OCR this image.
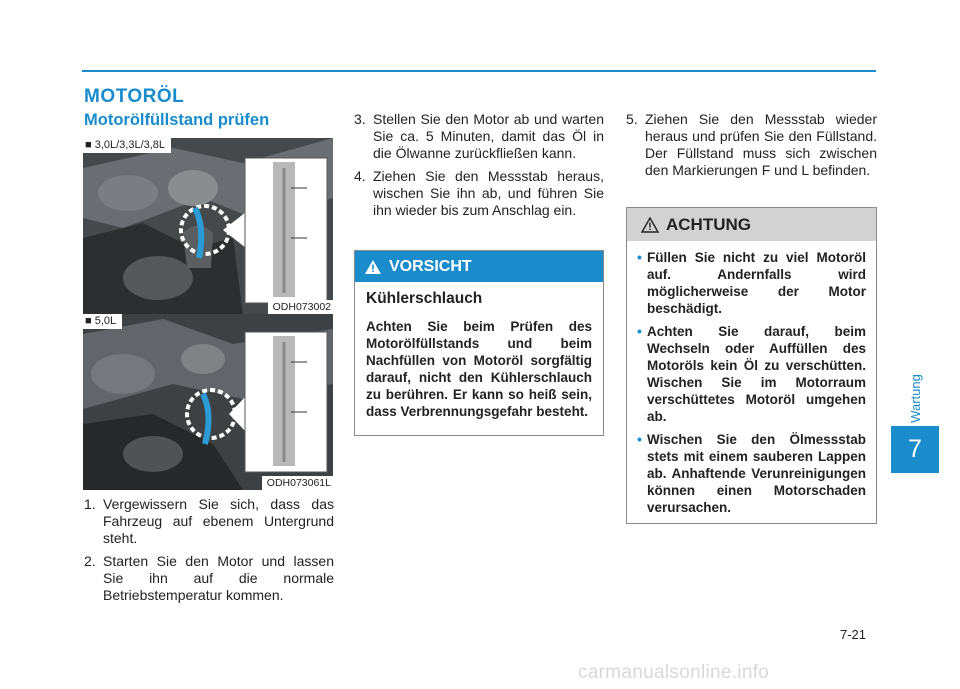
MOTORÖL
Motorölfüllstand prüfen
■ 3,0L/3,3L/3,8L
ODH073002
■ 5,0L
ODH073061L
1. Vergewissern Sie sich, dass das Fahrzeug auf ebenem Untergrund steht.
2. Starten Sie den Motor und lassen Sie ihn auf die normale Betriebstemperatur kommen.
3. Stellen Sie den Motor ab und warten Sie ca. 5 Minuten, damit das Öl in die Ölwanne zurückfließen kann.
4. Ziehen Sie den Messstab heraus, wischen Sie ihn ab, und führen Sie ihn wieder bis zum Anschlag ein.
5. Ziehen Sie den Messstab wieder heraus und prüfen Sie den Füllstand. Der Füllstand muss sich zwischen den Markierungen F und L befinden.
VORSICHT
Kühlerschlauch
Achten Sie beim Prüfen des Motorölfüllstands und beim Nachfüllen von Motoröl sorgfältig darauf, nicht den Kühlerschlauch zu berühren. Er kann so heiß sein, dass Verbrennungsgefahr besteht.
ACHTUNG
• Füllen Sie nicht zu viel Motoröl auf. Andernfalls wird möglicherweise der Motor beschädigt.
• Achten Sie darauf, beim Wechseln oder Auffüllen des Motoröls kein Öl zu verschütten. Wischen Sie im Motorraum verschüttetes Motoröl umgehen ab.
• Wischen Sie den Ölmessstab stets mit einem sauberen Lappen ab. Anhaftende Verunreinigungen können einen Motorschaden verursachen.
Wartung
7
7-21
carmanualsonline.info
